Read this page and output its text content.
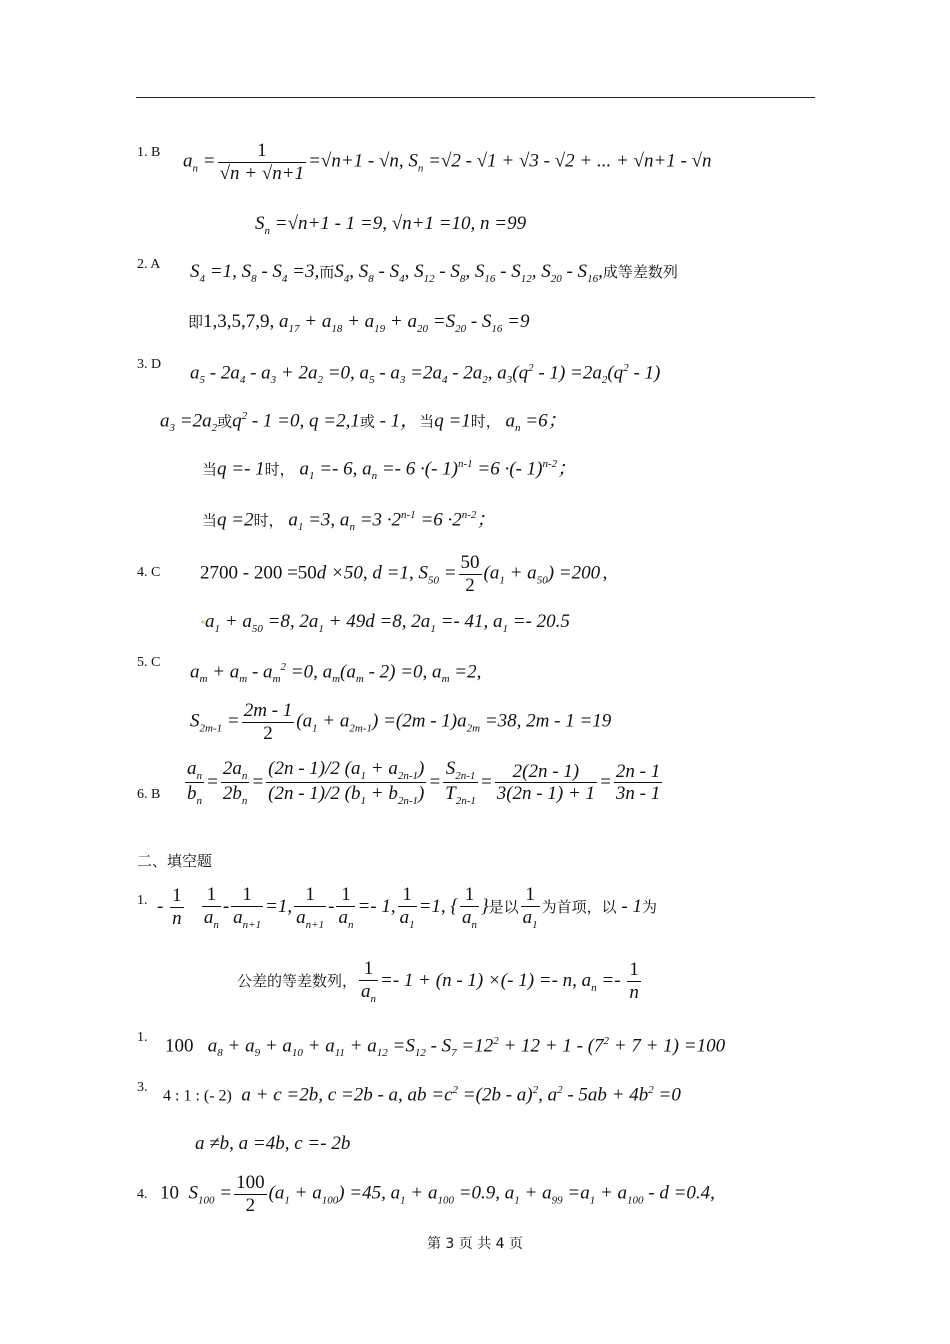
1. B $a_n = \frac{1}{√n + √n+1} =√n+1 - √n$, $S_n =√2 - √1 + √3 - √2$ + ... + √n+1 - √n
$S_n =√n+1 - 1 =9$, √n+1 =10, n =99
2. A $S_4 =1$, $S_8 - S_4 =3$,而$S_4$, $S_8 - S_4$, $S_{12} - S_8$, $S_{16} - S_{12}$, $S_{20} - S_{16}$,成等差数列
即1,3,5,7,9, $a_{17} + a_{18} + a_{19} + a_{20} =S_{20} - S_{16} =9$
3. D $a_5 - 2a_4 - a_3 + 2a_2 =0$, $a_5 - a_3 =2a_4 - 2a_2$, $a_3(q^2 - 1) =2a_2(q^2 - 1)$
$a_3 =2a_2$或$q^2 - 1 =0$, q =2,1或 - 1，当q =1时， $a_n =6$；
当q =- 1时， $a_1 =- 6$, $a_n =- 6$ ·(- 1)$^{n-1}$ =6 ·(- 1)$^{n-2}$；
当q =2时， $a_1 =3$, $a_n =3 \cdot 2^{n-1} =6 \cdot 2^{n-2}$；
4. C 2700 - 200 =50d ×50, d =1, $S_{50} = \frac{50}{2} (a_1 + a_{50}) =200$.,
$*a_1 + a_{50} =8$, $2a_1 + 49d =8$, $2a_1 =- 41$, $a_1 =- 20.5$
5. C $a_m + a_m - a_m^2 =0$, $a_m(a_m - 2) =0$, $a_m =2$,
$S_{2m-1} = \frac{2m - 1}{2} (a_1 + a_{2m-1}) =(2m - 1)a_{2m} =38$, 2m - 1 =19
6. B $\frac{a_n}{b_n} = \frac{2a_n}{2b_n} = \frac{(2n - 1)/2 (a_1 + a_{2n-1})}{(2n - 1)/2 (b_1 + b_{2n-1})} = \frac{S_{2n-1}}{T_{2n-1}} = \frac{2(2n - 1)}{3(2n - 1) + 1} = \frac{2n - 1}{3n - 1}$
二、填空题
1. - $\frac{1}{n}$
$\frac{1}{a_n} - \frac{1}{a_{n+1}} =1$, $\frac{1}{a_{n+1}} - \frac{1}{a_n} =- 1$, $\frac{1}{a_1} =1$, { $\frac{1}{a_n}$ }是以 $\frac{1}{a_1}$ 为首项，以 - 1为
公差的等差数列， $\frac{1}{a_n} =- 1 + (n - 1)$ ×(- 1) =- n, $a_n =- \frac{1}{n}$
1. 100   $a_8 + a_9 + a_{10} + a_{11} + a_{12} =S_{12} - S_7 =12^2 + 12 + 1 - (7^2 + 7 + 1) =100$
3. 4 : 1 : (- 2)  a + c =2b, c =2b - a, ab $=c^2 =(2b - a)^2$, $a^2 - 5ab + 4b^2 =0$
a ≠b, a =4b, c =- 2b
4. 10  $S_{100} = \frac{100}{2} (a_1 + a_{100}) =45$, $a_1 + a_{100} =0.9$, $a_1 + a_{99} =a_1 + a_{100} - d =0.4$,
第 3 页 共 4 页
